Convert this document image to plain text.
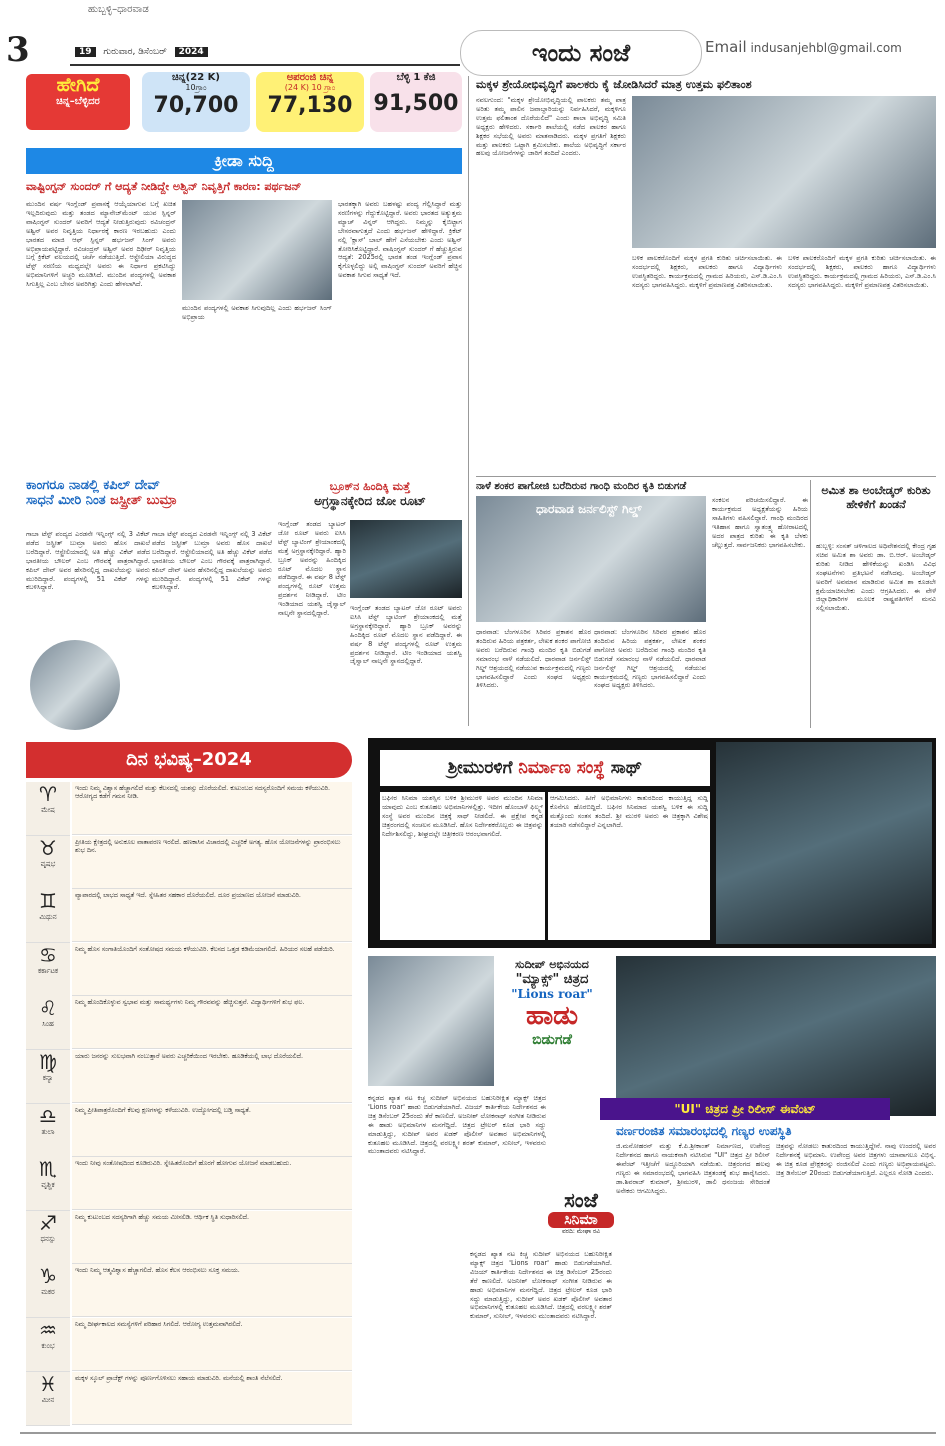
ಹುಬ್ಬಳ್ಳಿ–ಧಾರವಾಡ
3	19 ಗುರುವಾರ, ಡಿಸೆಂಬರ್ 2024	ಇಂದು ಸಂಜೆ	Email indusanjehbl@gmail.com
ಹೇಗಿದೆ
ಚಿನ್ನ–ಬೆಳ್ಳಿದರ
ಚಿನ್ನ(22 K)
10ಗ್ರಾಂ
70,700
ಅಪರಂಜಿ ಚಿನ್ನ
(24 K) 10 ಗ್ರಾಂ
77,130
ಬೆಳ್ಳಿ 1 ಕೆಜಿ
91,500
ಕ್ರೀಡಾ ಸುದ್ದಿ
ವಾಷ್ಟಿಂಗ್ಟನ್ ಸುಂದರ್ ಗೆ ಆದ್ಯತೆ ನೀಡಿದ್ದೇ ಅಶ್ವಿನ್ ನಿವೃತ್ತಿಗೆ ಕಾರಣ: ಪರ್ಥಜನ್
ಮುಂದಿನ ವರ್ಷ ಇಂಗ್ಲೆಂಡ್ ಪ್ರವಾಸಕ್ಕೆ ಆಯ್ಕೆಯಾಗುವ ಬಗ್ಗೆ ಖಚಿತ ಇಲ್ಲದಿರುವುದು ಮತ್ತು ತಂಡದ ಮ್ಯಾನೇಜ್‌ಮೆಂಟ್ ಯುವ ಸ್ಪಿನ್ನರ್ ವಾಷಿಂಗ್ಟನ್ ಸುಂದರ್ ಅವರಿಗೆ ಆದ್ಯತೆ ನೀಡುತ್ತಿರುವುದು ರವಿಚಂದ್ರನ್ ಅಶ್ವಿನ್ ಅವರ ನಿವೃತ್ತಿಯ ನಿರ್ಧಾರಕ್ಕೆ ಕಾರಣ ಇರಬಹುದು ಎಂದು ಭಾರತದ ಮಾಜಿ ಆಫ್ ಸ್ಪಿನ್ನರ್ ಹರ್ಭಜನ್ ಸಿಂಗ್ ಅವರು ಅಭಿಪ್ರಾಯಪಟ್ಟಿದ್ದಾರೆ. ರವಿಚಂದ್ರನ್ ಅಶ್ವಿನ್ ಅವರ ದಿಢೀರ್ ನಿವೃತ್ತಿಯ ಬಗ್ಗೆ ಕ್ರಿಕೆಟ್ ವಲಯದಲ್ಲಿ ಚರ್ಚೆ ನಡೆಯುತ್ತಿದೆ. ಆಸ್ಟ್ರೇಲಿಯಾ ವಿರುದ್ಧದ ಟೆಸ್ಟ್ ಸರಣಿಯ ಮಧ್ಯದಲ್ಲೇ ಅವರು ಈ ನಿರ್ಧಾರ ಪ್ರಕಟಿಸಿದ್ದು ಅಭಿಮಾನಿಗಳಿಗೆ ಅಚ್ಚರಿ ಮೂಡಿಸಿದೆ. ಮುಂದಿನ ಪಂದ್ಯಗಳಲ್ಲಿ ಅವಕಾಶ ಸಿಗುತ್ತಿಲ್ಲ ಎಂಬ ಬೇಸರ ಅವರಿಗಿತ್ತು ಎಂದು ಹೇಳಲಾಗಿದೆ.
ಮುಂದಿನ ಪಂದ್ಯಗಳಲ್ಲಿ ಅವಕಾಶ ಸಿಗುವುದಿಲ್ಲ ಎಂದು ಹರ್ಭಜನ್ ಸಿಂಗ್ ಅಭಿಪ್ರಾಯ
ಭಾರತಕ್ಕಾಗಿ ಅವರು ಬಹಳಷ್ಟು ಪಂದ್ಯ ಗೆಲ್ಲಿಸಿದ್ದಾರೆ ಮತ್ತು ಸರಣಿಗಳನ್ನು ಗೆದ್ದುಕೊಟ್ಟಿದ್ದಾರೆ. ಅವರು ಭಾರತದ ಅತ್ಯುತ್ತಮ ಮ್ಯಾಚ್ ವಿನ್ನರ್ ಆಗಿದ್ದರು. ನಿಮ್ಮನ್ನು ಕೈಬಿಟ್ಟಾಗ ಬೇಸರವಾಗುತ್ತದೆ ಎಂದು ಹರ್ಭಜನ್ ಹೇಳಿದ್ದಾರೆ. ಕ್ರಿಕೆಟ್ ನಲ್ಲಿ 'ಕ್ಲಾಸ್' ಬಾಲ್ ಹೇಗೆ ಎಸೆಯಬೇಕು ಎಂದು ಅಶ್ವಿನ್ ತೋರಿಸಿಕೊಟ್ಟಿದ್ದಾರೆ. ವಾಷಿಂಗ್ಟನ್ ಸುಂದರ್ ಗೆ ಹೆಚ್ಚುತ್ತಿರುವ ಆದ್ಯತೆ: 2025ರಲ್ಲಿ ಭಾರತ ತಂಡ ಇಂಗ್ಲೆಂಡ್ ಪ್ರವಾಸ ಕೈಗೊಳ್ಳಲಿದ್ದು ಅಲ್ಲಿ ವಾಷಿಂಗ್ಟನ್ ಸುಂದರ್ ಅವರಿಗೆ ಹೆಚ್ಚಿನ ಅವಕಾಶ ಸಿಗುವ ಸಾಧ್ಯತೆ ಇದೆ.
ಕಾಂಗರೂ ನಾಡಲ್ಲಿ ಕಪಿಲ್ ದೇವ್
ಸಾಧನೆ ಮೀರಿ ನಿಂತ ಜಸ್ಪ್ರೀತ್ ಬುಮ್ರಾ
ಗಾಬಾ ಟೆಸ್ಟ್ ಪಂದ್ಯದ ಎರಡನೇ ಇನ್ನಿಂಗ್ಸ್ ನಲ್ಲಿ 3 ವಿಕೆಟ್ ಪಡೆದ ಜಸ್ಪ್ರೀತ್ ಬುಮ್ರಾ ಅವರು ಹೊಸ ದಾಖಲೆ ಬರೆದಿದ್ದಾರೆ. ಆಸ್ಟ್ರೇಲಿಯಾದಲ್ಲಿ ಅತಿ ಹೆಚ್ಚು ವಿಕೆಟ್ ಪಡೆದ ಭಾರತೀಯ ಬೌಲರ್ ಎಂಬ ಗೌರವಕ್ಕೆ ಪಾತ್ರರಾಗಿದ್ದಾರೆ. ಕಪಿಲ್ ದೇವ್ ಅವರ ಹೆಸರಿನಲ್ಲಿದ್ದ ದಾಖಲೆಯನ್ನು ಅವರು ಮುರಿದಿದ್ದಾರೆ. ಪಂದ್ಯಗಳಲ್ಲಿ 51 ವಿಕೆಟ್ ಗಳನ್ನು ಕಬಳಿಸಿದ್ದಾರೆ.
ಗಾಬಾ ಟೆಸ್ಟ್ ಪಂದ್ಯದ ಎರಡನೇ ಇನ್ನಿಂಗ್ಸ್ ನಲ್ಲಿ 3 ವಿಕೆಟ್ ಪಡೆದ ಜಸ್ಪ್ರೀತ್ ಬುಮ್ರಾ ಅವರು ಹೊಸ ದಾಖಲೆ ಬರೆದಿದ್ದಾರೆ. ಆಸ್ಟ್ರೇಲಿಯಾದಲ್ಲಿ ಅತಿ ಹೆಚ್ಚು ವಿಕೆಟ್ ಪಡೆದ ಭಾರತೀಯ ಬೌಲರ್ ಎಂಬ ಗೌರವಕ್ಕೆ ಪಾತ್ರರಾಗಿದ್ದಾರೆ. ಕಪಿಲ್ ದೇವ್ ಅವರ ಹೆಸರಿನಲ್ಲಿದ್ದ ದಾಖಲೆಯನ್ನು ಅವರು ಮುರಿದಿದ್ದಾರೆ. ಪಂದ್ಯಗಳಲ್ಲಿ 51 ವಿಕೆಟ್ ಗಳನ್ನು ಕಬಳಿಸಿದ್ದಾರೆ.
ಬ್ರೂಕ್‌ನ ಹಿಂದಿಕ್ಕಿ ಮತ್ತೆ
ಅಗ್ರಸ್ಥಾನಕ್ಕೇರಿದ ಜೋ ರೂಟ್
ಇಂಗ್ಲೆಂಡ್ ತಂಡದ ಬ್ಯಾಟರ್ ಜೋ ರೂಟ್ ಅವರು ಐಸಿಸಿ ಟೆಸ್ಟ್ ಬ್ಯಾಟಿಂಗ್ ಶ್ರೇಯಾಂಕದಲ್ಲಿ ಮತ್ತೆ ಅಗ್ರಸ್ಥಾನಕ್ಕೇರಿದ್ದಾರೆ. ಹ್ಯಾರಿ ಬ್ರೂಕ್ ಅವರನ್ನು ಹಿಂದಿಕ್ಕಿದ ರೂಟ್ ಮೊದಲ ಸ್ಥಾನ ಪಡೆದಿದ್ದಾರೆ. ಈ ವರ್ಷ 8 ಟೆಸ್ಟ್ ಪಂದ್ಯಗಳಲ್ಲಿ ರೂಟ್ ಉತ್ತಮ ಪ್ರದರ್ಶನ ನೀಡಿದ್ದಾರೆ. ಟೀಂ ಇಂಡಿಯಾದ ಯಶಸ್ವಿ ಜೈಸ್ವಾಲ್ ನಾಲ್ಕನೇ ಸ್ಥಾನದಲ್ಲಿದ್ದಾರೆ.
ಇಂಗ್ಲೆಂಡ್ ತಂಡದ ಬ್ಯಾಟರ್ ಜೋ ರೂಟ್ ಅವರು ಐಸಿಸಿ ಟೆಸ್ಟ್ ಬ್ಯಾಟಿಂಗ್ ಶ್ರೇಯಾಂಕದಲ್ಲಿ ಮತ್ತೆ ಅಗ್ರಸ್ಥಾನಕ್ಕೇರಿದ್ದಾರೆ. ಹ್ಯಾರಿ ಬ್ರೂಕ್ ಅವರನ್ನು ಹಿಂದಿಕ್ಕಿದ ರೂಟ್ ಮೊದಲ ಸ್ಥಾನ ಪಡೆದಿದ್ದಾರೆ. ಈ ವರ್ಷ 8 ಟೆಸ್ಟ್ ಪಂದ್ಯಗಳಲ್ಲಿ ರೂಟ್ ಉತ್ತಮ ಪ್ರದರ್ಶನ ನೀಡಿದ್ದಾರೆ. ಟೀಂ ಇಂಡಿಯಾದ ಯಶಸ್ವಿ ಜೈಸ್ವಾಲ್ ನಾಲ್ಕನೇ ಸ್ಥಾನದಲ್ಲಿದ್ದಾರೆ.
ದಿನ ಭವಿಷ್ಯ–2024
♈
ಮೇಷ
ಇಂದು ನಿಮ್ಮ ವಿಶ್ವಾಸ ಹೆಚ್ಚಾಗಲಿದೆ ಮತ್ತು ಕೆಲಸದಲ್ಲಿ ಯಶಸ್ಸು ದೊರೆಯಲಿದೆ. ಕುಟುಂಬದ ಸದಸ್ಯರೊಂದಿಗೆ ಸಮಯ ಕಳೆಯುವಿರಿ. ಆರೋಗ್ಯದ ಕಡೆಗೆ ಗಮನ ನೀಡಿ.
♉
ವೃಷಭ
ಪ್ರೀತಿಯ ಕ್ಷೇತ್ರದಲ್ಲಿ ಅನುಕೂಲ ವಾತಾವರಣ ಇರಲಿದೆ. ಹಣಕಾಸಿನ ವಿಚಾರದಲ್ಲಿ ಎಚ್ಚರಿಕೆ ಅಗತ್ಯ. ಹೊಸ ಯೋಜನೆಗಳನ್ನು ಪ್ರಾರಂಭಿಸಲು ಶುಭ ದಿನ.
♊
ಮಿಥುನ
ವ್ಯಾಪಾರದಲ್ಲಿ ಲಾಭದ ಸಾಧ್ಯತೆ ಇದೆ. ಸ್ನೇಹಿತರ ಸಹಕಾರ ದೊರೆಯಲಿದೆ. ದೂರ ಪ್ರಯಾಣದ ಯೋಜನೆ ಮಾಡುವಿರಿ.
♋
ಕರ್ಕಾಟಕ
ನಿಮ್ಮ ಹೊಸ ಸಂಗಾತಿಯೊಂದಿಗೆ ಸಂತೋಷದ ಸಮಯ ಕಳೆಯುವಿರಿ. ಕೆಲಸದ ಒತ್ತಡ ಕಡಿಮೆಯಾಗಲಿದೆ. ಹಿರಿಯರ ಸಲಹೆ ಪಡೆಯಿರಿ.
♌
ಸಿಂಹ
ನಿಮ್ಮ ಹೊಂದಿಕೊಳ್ಳುವ ಸ್ವಭಾವ ಮತ್ತು ಸಾಮರ್ಥ್ಯಗಳು ನಿಮ್ಮ ಗೌರವವನ್ನು ಹೆಚ್ಚಿಸುತ್ತವೆ. ವಿದ್ಯಾರ್ಥಿಗಳಿಗೆ ಶುಭ ಫಲ.
♍
ಕನ್ಯಾ
ಯಾರು ಜನರನ್ನು ಸುಲಭವಾಗಿ ನಂಬುತ್ತಾರೆ ಅವರು ಎಚ್ಚರಿಕೆಯಿಂದ ಇರಬೇಕು. ಹೂಡಿಕೆಯಲ್ಲಿ ಲಾಭ ದೊರೆಯಲಿದೆ.
♎
ತುಲಾ
ನಿಮ್ಮ ಪ್ರೀತಿಪಾತ್ರರೊಂದಿಗೆ ಕೆಲವು ಕ್ಷಣಗಳನ್ನು ಕಳೆಯುವಿರಿ. ಉದ್ಯೋಗದಲ್ಲಿ ಬಡ್ತಿ ಸಾಧ್ಯತೆ.
♏
ವೃಶ್ಚಿಕ
ಇಂದು ನೀವು ಸಂತೋಷದಿಂದ ಕೂಡಿರುವಿರಿ. ಸ್ನೇಹಿತರೊಂದಿಗೆ ಹೊರಗೆ ಹೋಗುವ ಯೋಜನೆ ಮಾಡಬಹುದು.
♐
ಧನಸ್ಸು
ನಿಮ್ಮ ಕುಟುಂಬದ ಸದಸ್ಯರಿಗಾಗಿ ಹೆಚ್ಚು ಸಮಯ ಮೀಸಲಿಡಿ. ಆರ್ಥಿಕ ಸ್ಥಿತಿ ಸುಧಾರಿಸಲಿದೆ.
♑
ಮಕರ
ಇಂದು ನಿಮ್ಮ ಆತ್ಮವಿಶ್ವಾಸ ಹೆಚ್ಚಾಗಲಿದೆ. ಹೊಸ ಕೆಲಸ ಆರಂಭಿಸಲು ಸೂಕ್ತ ಸಮಯ.
♒
ಕುಂಭ
ನಿಮ್ಮ ದೀರ್ಘಕಾಲದ ಸಮಸ್ಯೆಗಳಿಗೆ ಪರಿಹಾರ ಸಿಗಲಿದೆ. ಆರೋಗ್ಯ ಉತ್ತಮವಾಗಿರಲಿದೆ.
♓
ಮೀನ
ಮಕ್ಕಳ ಸ್ಕೂಲ್ ಪ್ರಾಜೆಕ್ಟ್ ಗಳನ್ನು ಪೂರ್ಣಗೊಳಿಸಲು ಸಹಾಯ ಮಾಡುವಿರಿ. ಮನೆಯಲ್ಲಿ ಶಾಂತಿ ನೆಲೆಸಲಿದೆ.
ಮಕ್ಕಳ ಶ್ರೇಯೋಭಿವೃದ್ಧಿಗೆ ಪಾಲಕರು ಕೈ ಜೋಡಿಸಿದರೆ ಮಾತ್ರ ಉತ್ತಮ ಫಲಿತಾಂಶ
ನವಲಗುಂದ: "ಮಕ್ಕಳ ಶ್ರೇಯೋಭಿವೃದ್ಧಿಯಲ್ಲಿ ಪಾಲಕರು ತಮ್ಮ ಪಾತ್ರ ಅರಿತು ತಮ್ಮ ಪಾಲಿನ ಜವಾಬ್ದಾರಿಯನ್ನು ನಿರ್ವಹಿಸಿದರೆ, ಮಕ್ಕಳಿಗೂ ಉತ್ತಮ ಫಲಿತಾಂಶ ದೊರೆಯಲಿದೆ" ಎಂದು ಶಾಲಾ ಅಭಿವೃದ್ಧಿ ಸಮಿತಿ ಅಧ್ಯಕ್ಷರು ಹೇಳಿದರು. ಸರ್ಕಾರಿ ಶಾಲೆಯಲ್ಲಿ ನಡೆದ ಪಾಲಕರ ಹಾಗೂ ಶಿಕ್ಷಕರ ಸಭೆಯಲ್ಲಿ ಅವರು ಮಾತನಾಡಿದರು. ಮಕ್ಕಳ ಪ್ರಗತಿಗೆ ಶಿಕ್ಷಕರು ಮತ್ತು ಪಾಲಕರು ಒಟ್ಟಾಗಿ ಶ್ರಮಿಸಬೇಕು. ಶಾಲೆಯ ಅಭಿವೃದ್ಧಿಗೆ ಸರ್ಕಾರ ಹಲವು ಯೋಜನೆಗಳನ್ನು ಜಾರಿಗೆ ತಂದಿದೆ ಎಂದರು.
ಬಳಿಕ ಪಾಲಕರೊಂದಿಗೆ ಮಕ್ಕಳ ಪ್ರಗತಿ ಕುರಿತು ಚರ್ಚಿಸಲಾಯಿತು. ಈ ಸಂದರ್ಭದಲ್ಲಿ ಶಿಕ್ಷಕರು, ಪಾಲಕರು ಹಾಗೂ ವಿದ್ಯಾರ್ಥಿಗಳು ಉಪಸ್ಥಿತರಿದ್ದರು. ಕಾರ್ಯಕ್ರಮದಲ್ಲಿ ಗ್ರಾಮದ ಹಿರಿಯರು, ಎಸ್.ಡಿ.ಎಂ.ಸಿ ಸದಸ್ಯರು ಭಾಗವಹಿಸಿದ್ದರು. ಮಕ್ಕಳಿಗೆ ಪ್ರಮಾಣಪತ್ರ ವಿತರಿಸಲಾಯಿತು.
ಬಳಿಕ ಪಾಲಕರೊಂದಿಗೆ ಮಕ್ಕಳ ಪ್ರಗತಿ ಕುರಿತು ಚರ್ಚಿಸಲಾಯಿತು. ಈ ಸಂದರ್ಭದಲ್ಲಿ ಶಿಕ್ಷಕರು, ಪಾಲಕರು ಹಾಗೂ ವಿದ್ಯಾರ್ಥಿಗಳು ಉಪಸ್ಥಿತರಿದ್ದರು. ಕಾರ್ಯಕ್ರಮದಲ್ಲಿ ಗ್ರಾಮದ ಹಿರಿಯರು, ಎಸ್.ಡಿ.ಎಂ.ಸಿ ಸದಸ್ಯರು ಭಾಗವಹಿಸಿದ್ದರು. ಮಕ್ಕಳಿಗೆ ಪ್ರಮಾಣಪತ್ರ ವಿತರಿಸಲಾಯಿತು.
ನಾಳೆ ಶಂಕರ ಪಾಗೋಜಿ ಬರೆದಿರುವ ಗಾಂಧಿ ಮಂದಿರ ಕೃತಿ ಬಿಡುಗಡೆ
ಧಾರವಾಡ ಜರ್ನಲಿಸ್ಟ್ ಗಿಲ್ಡ್
ಸಂಕಲನ ಪರಿಚಯಿಸಲಿದ್ದಾರೆ. ಈ ಕಾರ್ಯಕ್ರಮದ ಅಧ್ಯಕ್ಷತೆಯನ್ನು ಹಿರಿಯ ಸಾಹಿತಿಗಳು ವಹಿಸಲಿದ್ದಾರೆ. ಗಾಂಧಿ ಮಂದಿರದ ಇತಿಹಾಸ ಹಾಗೂ ಸ್ವಾತಂತ್ರ್ಯ ಹೋರಾಟದಲ್ಲಿ ಅದರ ಪಾತ್ರದ ಕುರಿತು ಈ ಕೃತಿ ಬೆಳಕು ಚೆಲ್ಲುತ್ತದೆ. ಸಾರ್ವಜನಿಕರು ಭಾಗವಹಿಸಬೇಕು.
ಧಾರವಾಡ: ಬೆಂಗಳೂರಿನ ಸಿರಿವರ ಪ್ರಕಾಶನ ಹೊರ ತಂದಿರುವ ಹಿರಿಯ ಪತ್ರಕರ್ತ, ಲೇಖಕ ಶಂಕರ ಪಾಗೋಜಿ ಅವರು ಬರೆದಿರುವ ಗಾಂಧಿ ಮಂದಿರ ಕೃತಿ ಬಿಡುಗಡೆ ಸಮಾರಂಭ ನಾಳೆ ನಡೆಯಲಿದೆ. ಧಾರವಾಡ ಜರ್ನಲಿಸ್ಟ್ ಗಿಲ್ಡ್ ಆಶ್ರಯದಲ್ಲಿ ನಡೆಯುವ ಕಾರ್ಯಕ್ರಮದಲ್ಲಿ ಗಣ್ಯರು ಭಾಗವಹಿಸಲಿದ್ದಾರೆ ಎಂದು ಸಂಘದ ಅಧ್ಯಕ್ಷರು ತಿಳಿಸಿದರು.
ಧಾರವಾಡ: ಬೆಂಗಳೂರಿನ ಸಿರಿವರ ಪ್ರಕಾಶನ ಹೊರ ತಂದಿರುವ ಹಿರಿಯ ಪತ್ರಕರ್ತ, ಲೇಖಕ ಶಂಕರ ಪಾಗೋಜಿ ಅವರು ಬರೆದಿರುವ ಗಾಂಧಿ ಮಂದಿರ ಕೃತಿ ಬಿಡುಗಡೆ ಸಮಾರಂಭ ನಾಳೆ ನಡೆಯಲಿದೆ. ಧಾರವಾಡ ಜರ್ನಲಿಸ್ಟ್ ಗಿಲ್ಡ್ ಆಶ್ರಯದಲ್ಲಿ ನಡೆಯುವ ಕಾರ್ಯಕ್ರಮದಲ್ಲಿ ಗಣ್ಯರು ಭಾಗವಹಿಸಲಿದ್ದಾರೆ ಎಂದು ಸಂಘದ ಅಧ್ಯಕ್ಷರು ತಿಳಿಸಿದರು.
ಅಮಿತ ಶಾ ಅಂಬೇಡ್ಕರ್ ಕುರಿತು ಹೇಳಿಕೆಗೆ ಖಂಡನೆ
ಹುಬ್ಬಳ್ಳಿ: ಸಂಸತ್ ಚಳಿಗಾಲದ ಅಧಿವೇಶನದಲ್ಲಿ ಕೇಂದ್ರ ಗೃಹ ಸಚಿವ ಅಮಿತ ಶಾ ಅವರು ಡಾ. ಬಿ.ಆರ್. ಅಂಬೇಡ್ಕರ್ ಕುರಿತು ನೀಡಿದ ಹೇಳಿಕೆಯನ್ನು ಖಂಡಿಸಿ ವಿವಿಧ ಸಂಘಟನೆಗಳು ಪ್ರತಿಭಟನೆ ನಡೆಸಿದವು. ಅಂಬೇಡ್ಕರ್ ಅವರಿಗೆ ಅವಮಾನ ಮಾಡಿರುವ ಅಮಿತ ಶಾ ಕೂಡಲೇ ಕ್ಷಮೆಯಾಚಿಸಬೇಕು ಎಂದು ಆಗ್ರಹಿಸಿದರು. ಈ ವೇಳೆ ಜಿಲ್ಲಾಧಿಕಾರಿಗಳ ಮೂಲಕ ರಾಷ್ಟ್ರಪತಿಗಳಿಗೆ ಮನವಿ ಸಲ್ಲಿಸಲಾಯಿತು.
ಶ್ರೀಮುರಳಿಗೆ ನಿರ್ಮಾಣ ಸಂಸ್ಥೆ ಸಾಥ್
ಬಘೀರ ಸಿನಿಮಾ ಯಶಸ್ಸಿನ ಬಳಿಕ ಶ್ರೀಮುರಳಿ ಅವರ ಮುಂದಿನ ಸಿನಿಮಾ ಯಾವುದು ಎಂಬ ಕುತೂಹಲ ಅಭಿಮಾನಿಗಳಲ್ಲಿತ್ತು. ಇದೀಗ ಹೊಂಬಾಳೆ ಫಿಲ್ಮ್ಸ್ ಸಂಸ್ಥೆ ಅವರ ಮುಂದಿನ ಚಿತ್ರಕ್ಕೆ ಸಾಥ್ ನೀಡಲಿದೆ. ಈ ಪ್ರಕ್ಷೇಪ ಕನ್ನಡ ಚಿತ್ರರಂಗದಲ್ಲಿ ಸಂಚಲನ ಮೂಡಿಸಿದೆ. ಹೊಸ ನಿರ್ದೇಶಕರೊಬ್ಬರು ಈ ಚಿತ್ರವನ್ನು ನಿರ್ದೇಶಿಸಲಿದ್ದು, ಶೀಘ್ರದಲ್ಲೇ ಚಿತ್ರೀಕರಣ ಆರಂಭವಾಗಲಿದೆ.
ಆಗಮಿಸಿದರು. ಹೀಗೆ ಅಭಿಮಾನಿಗಳು ಕಾತುರದಿಂದ ಕಾಯುತ್ತಿದ್ದ ಸುದ್ದಿ ಕೊನೆಗೂ ಹೊರಬಿದ್ದಿದೆ. ಬಘೀರ ಸಿನಿಮಾದ ಯಶಸ್ವಿ ಬಳಿಕ ಈ ಸುದ್ದಿ ಮತ್ತೊಂದು ಸಂತಸ ತಂದಿದೆ. ಶ್ರೀ ಮುರಳಿ ಅವರು ಈ ಚಿತ್ರಕ್ಕಾಗಿ ವಿಶೇಷ ತಯಾರಿ ನಡೆಸಲಿದ್ದಾರೆ ಎನ್ನಲಾಗಿದೆ.
ಸುದೀಪ್ ಅಭಿನಯದ
"ಮ್ಯಾಕ್ಸ್" ಚಿತ್ರದ
"Lions roar"
ಹಾಡು
ಬಿಡುಗಡೆ
ಕನ್ನಡದ ಖ್ಯಾತ ನಟ ಕಿಚ್ಚ ಸುದೀಪ್ ಅಭಿನಯದ ಬಹುನಿರೀಕ್ಷಿತ ಮ್ಯಾಕ್ಸ್ ಚಿತ್ರದ 'Lions roar' ಹಾಡು ಬಿಡುಗಡೆಯಾಗಿದೆ. ವಿಜಯ್ ಕಾರ್ತಿಕೇಯ ನಿರ್ದೇಶನದ ಈ ಚಿತ್ರ ಡಿಸೆಂಬರ್ 25ರಂದು ತೆರೆ ಕಾಣಲಿದೆ. ಅಜನೀಶ್ ಲೋಕನಾಥ್ ಸಂಗೀತ ನೀಡಿರುವ ಈ ಹಾಡು ಅಭಿಮಾನಿಗಳ ಮನಗೆದ್ದಿದೆ. ಚಿತ್ರದ ಟ್ರೇಲರ್ ಕೂಡ ಭಾರಿ ಸದ್ದು ಮಾಡುತ್ತಿದ್ದು, ಸುದೀಪ್ ಅವರ ಖಡಕ್ ಪೊಲೀಸ್ ಅವತಾರ ಅಭಿಮಾನಿಗಳಲ್ಲಿ ಕುತೂಹಲ ಮೂಡಿಸಿದೆ. ಚಿತ್ರದಲ್ಲಿ ವರಲಕ್ಷ್ಮೀ ಶರತ್ ಕುಮಾರ್, ಸುನೀಲ್, ಇಳವರಸು ಮುಂತಾದವರು ನಟಿಸಿದ್ದಾರೆ.
ಕನ್ನಡದ ಖ್ಯಾತ ನಟ ಕಿಚ್ಚ ಸುದೀಪ್ ಅಭಿನಯದ ಬಹುನಿರೀಕ್ಷಿತ ಮ್ಯಾಕ್ಸ್ ಚಿತ್ರದ 'Lions roar' ಹಾಡು ಬಿಡುಗಡೆಯಾಗಿದೆ. ವಿಜಯ್ ಕಾರ್ತಿಕೇಯ ನಿರ್ದೇಶನದ ಈ ಚಿತ್ರ ಡಿಸೆಂಬರ್ 25ರಂದು ತೆರೆ ಕಾಣಲಿದೆ. ಅಜನೀಶ್ ಲೋಕನಾಥ್ ಸಂಗೀತ ನೀಡಿರುವ ಈ ಹಾಡು ಅಭಿಮಾನಿಗಳ ಮನಗೆದ್ದಿದೆ. ಚಿತ್ರದ ಟ್ರೇಲರ್ ಕೂಡ ಭಾರಿ ಸದ್ದು ಮಾಡುತ್ತಿದ್ದು, ಸುದೀಪ್ ಅವರ ಖಡಕ್ ಪೊಲೀಸ್ ಅವತಾರ ಅಭಿಮಾನಿಗಳಲ್ಲಿ ಕುತೂಹಲ ಮೂಡಿಸಿದೆ. ಚಿತ್ರದಲ್ಲಿ ವರಲಕ್ಷ್ಮೀ ಶರತ್ ಕುಮಾರ್, ಸುನೀಲ್, ಇಳವರಸು ಮುಂತಾದವರು ನಟಿಸಿದ್ದಾರೆ.
ಸಂಜೆ
ಸಿನಿಮಾ
ವರದಿ: ಮೇಘಾ ರವಿ
"UI" ಚಿತ್ರದ ಪ್ರೀ ರಿಲೀಸ್ ಈವೆಂಟ್
ವರ್ಣರಂಜಿತ ಸಮಾರಂಭದಲ್ಲಿ ಗಣ್ಯರ ಉಪಸ್ಥಿತಿ
ಜಿ.ಮನೋಹರನ್ ಮತ್ತು ಕೆ.ಪಿ.ಶ್ರೀಕಾಂತ್ ನಿರ್ಮಾಣದ, ಉಪೇಂದ್ರ ನಿರ್ದೇಶನದ ಹಾಗೂ ನಾಯಕನಾಗಿ ನಟಿಸಿರುವ "UI" ಚಿತ್ರದ ಪ್ರೀ ರಿಲೀಸ್ ಈವೆಂಟ್ ಇತ್ತೀಚೆಗೆ ಅದ್ದೂರಿಯಾಗಿ ನಡೆಯಿತು. ಚಿತ್ರರಂಗದ ಹಲವು ಗಣ್ಯರು ಈ ಸಮಾರಂಭದಲ್ಲಿ ಭಾಗವಹಿಸಿ ಚಿತ್ರತಂಡಕ್ಕೆ ಶುಭ ಹಾರೈಸಿದರು. ಡಾ.ಶಿವರಾಜ್ ಕುಮಾರ್, ಶ್ರೀಮುರಳಿ, ಡಾಲಿ ಧನಂಜಯ ಸೇರಿದಂತೆ ಅನೇಕರು ಆಗಮಿಸಿದ್ದರು.
ಚಿತ್ರವನ್ನು ನೋಡಲು ಕಾತುರದಿಂದ ಕಾಯುತ್ತಿದ್ದೇನೆ. ನಾವು ಉಂದರಲ್ಲಿ ಅವರ ನಿರ್ದೇಶನಕ್ಕೆ ಅಭಿಮಾನಿ. ಉಪೇಂದ್ರ ಅವರ ಚಿತ್ರಗಳು ಯಾವಾಗಲೂ ವಿಭಿನ್ನ. ಈ ಚಿತ್ರ ಕೂಡ ಪ್ರೇಕ್ಷಕರನ್ನು ರಂಜಿಸಲಿದೆ ಎಂದು ಗಣ್ಯರು ಅಭಿಪ್ರಾಯಪಟ್ಟರು. ಚಿತ್ರ ಡಿಸೆಂಬರ್ 20ರಂದು ಬಿಡುಗಡೆಯಾಗುತ್ತಿದೆ. ಎಲ್ಲರೂ ನೋಡಿ ಎಂದರು.
